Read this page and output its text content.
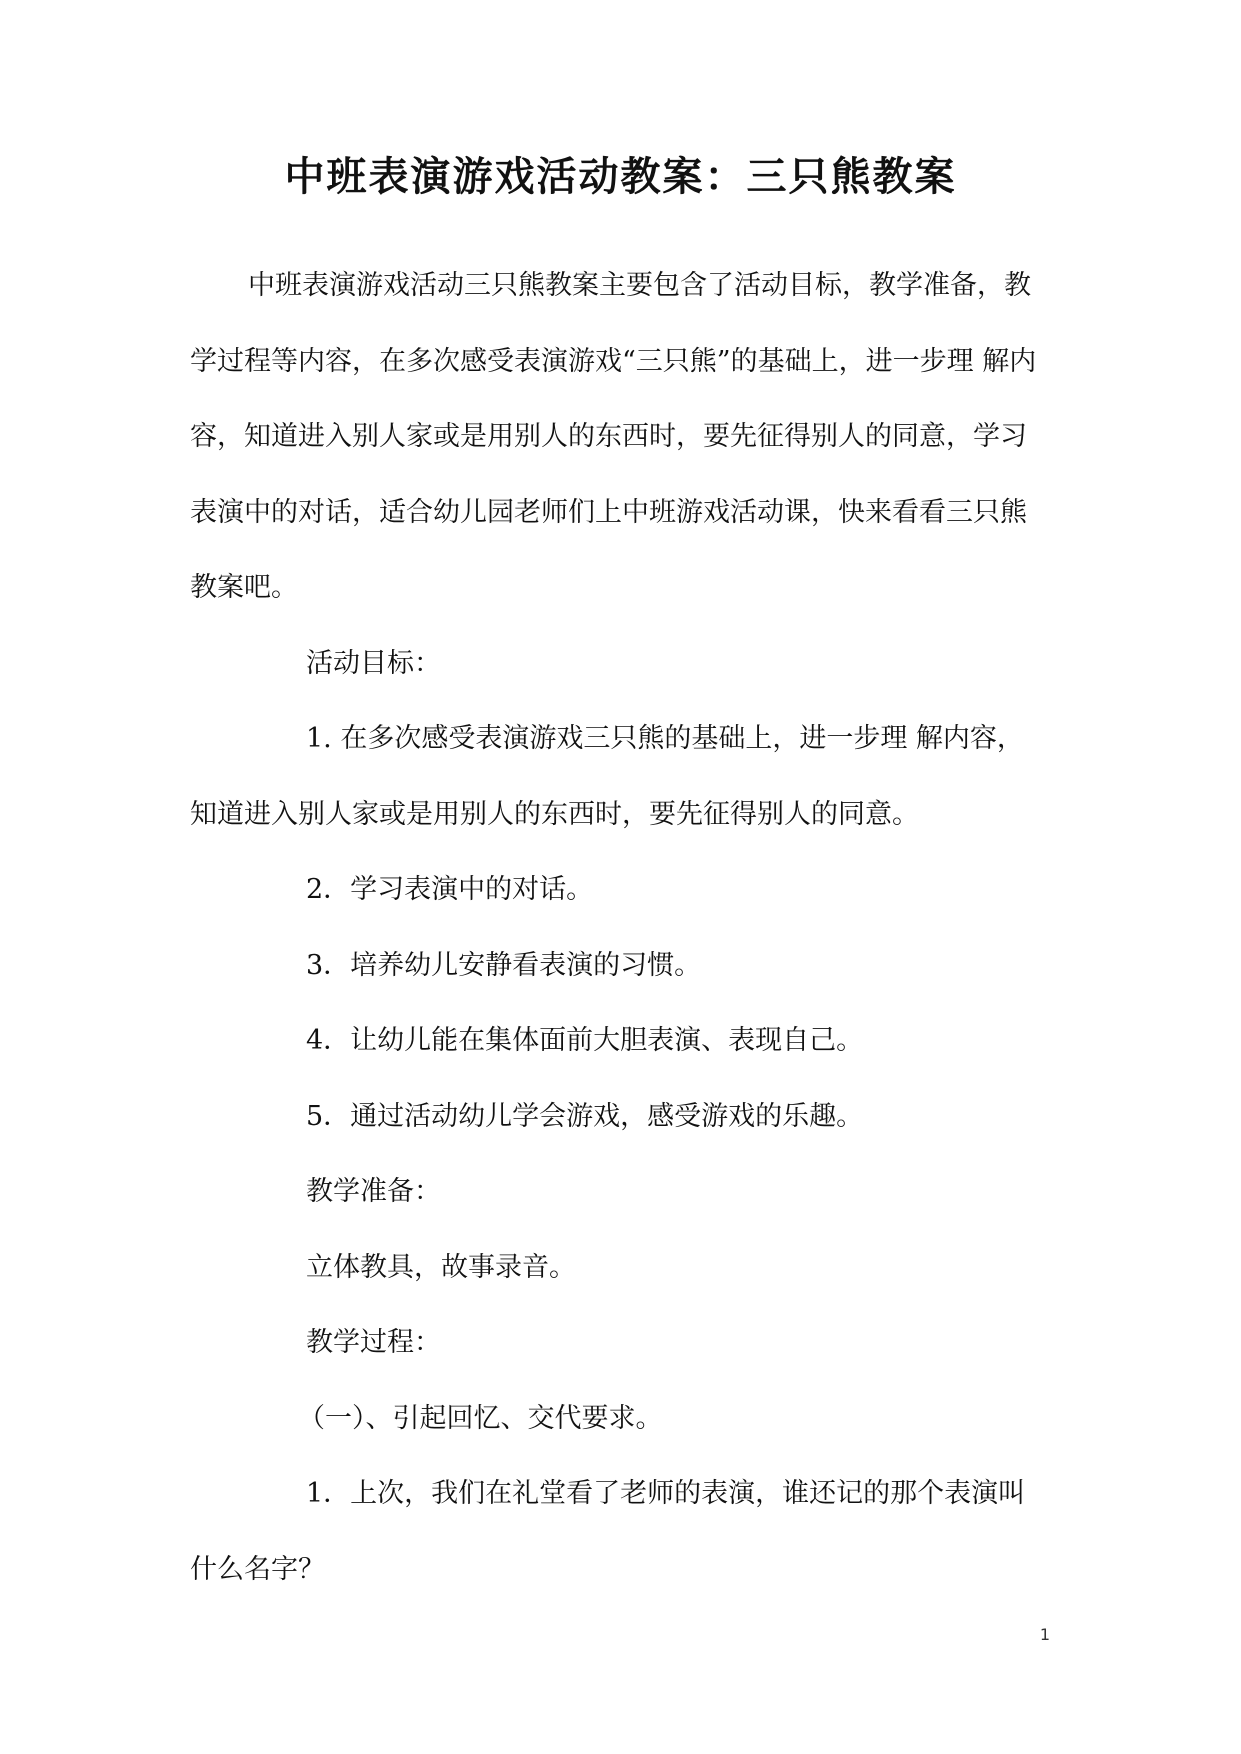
中班表演游戏活动教案：三只熊教案

中班表演游戏活动三只熊教案主要包含了活动目标，教学准备，教学过程等内容，在多次感受表演游戏“三只熊”的基础上，进一步理 解内容，知道进入别人家或是用别人的东西时，要先征得别人的同意，学习表演中的对话，适合幼儿园老师们上中班游戏活动课，快来看看三只熊教案吧。

活动目标：

1. 在多次感受表演游戏三只熊的基础上，进一步理 解内容，知道进入别人家或是用别人的东西时，要先征得别人的同意。

2．学习表演中的对话。

3．培养幼儿安静看表演的习惯。

4．让幼儿能在集体面前大胆表演、表现自己。

5．通过活动幼儿学会游戏，感受游戏的乐趣。

教学准备：

立体教具，故事录音。

教学过程：

（一）、引起回忆、交代要求。

1．上次，我们在礼堂看了老师的表演，谁还记的那个表演叫什么名字？

1
